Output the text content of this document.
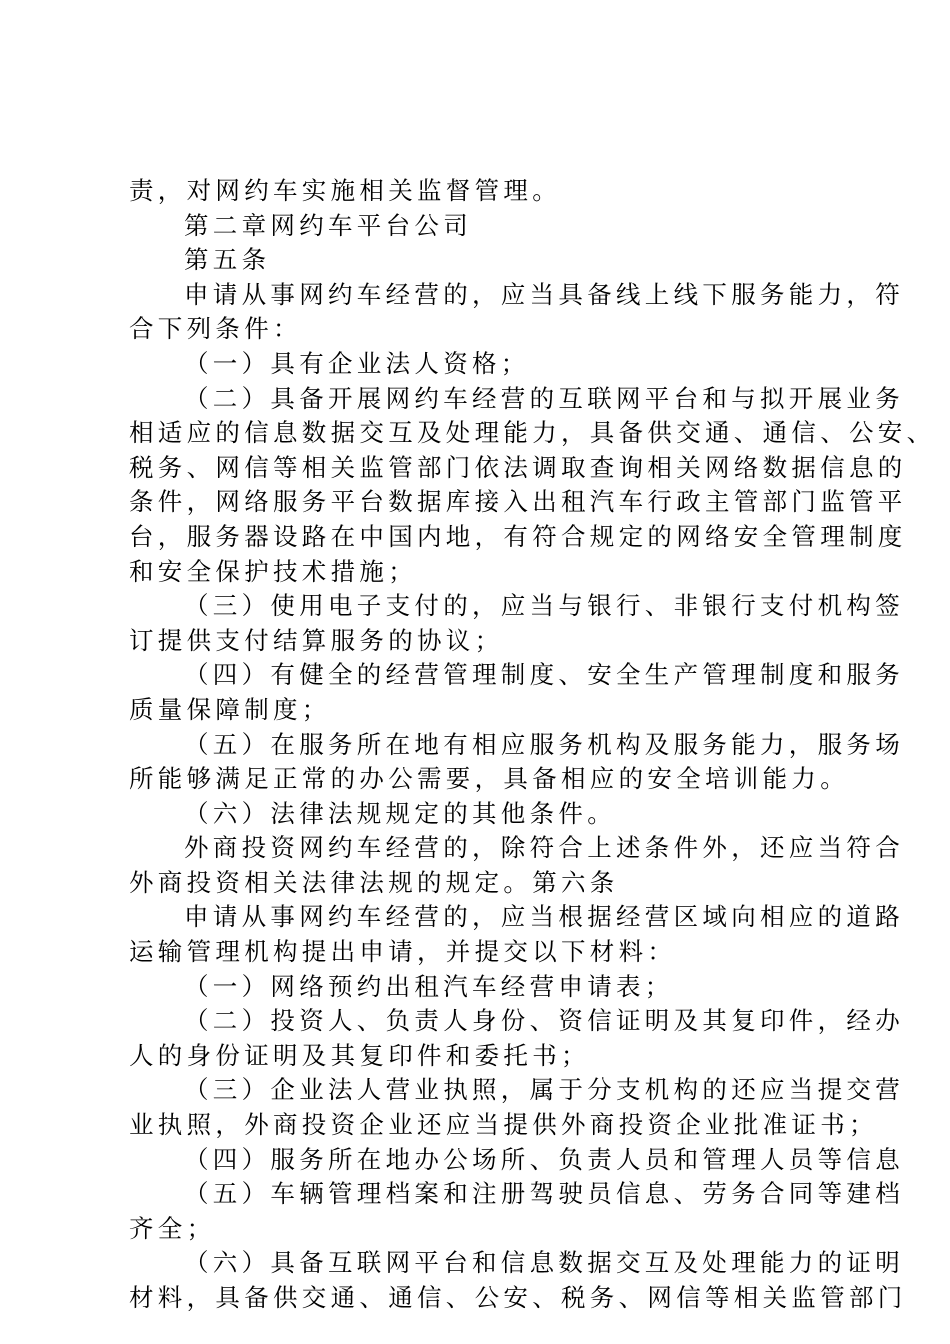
责，对网约车实施相关监督管理。
第二章网约车平台公司
第五条
申请从事网约车经营的，应当具备线上线下服务能力，符
合下列条件：
（一）具有企业法人资格；
（二）具备开展网约车经营的互联网平台和与拟开展业务
相适应的信息数据交互及处理能力，具备供交通、通信、公安、
税务、网信等相关监管部门依法调取查询相关网络数据信息的
条件，网络服务平台数据库接入出租汽车行政主管部门监管平
台，服务器设路在中国内地，有符合规定的网络安全管理制度
和安全保护技术措施；
（三）使用电子支付的，应当与银行、非银行支付机构签
订提供支付结算服务的协议；
（四）有健全的经营管理制度、安全生产管理制度和服务
质量保障制度；
（五）在服务所在地有相应服务机构及服务能力，服务场
所能够满足正常的办公需要，具备相应的安全培训能力。
（六）法律法规规定的其他条件。
外商投资网约车经营的，除符合上述条件外，还应当符合
外商投资相关法律法规的规定。第六条
申请从事网约车经营的，应当根据经营区域向相应的道路
运输管理机构提出申请，并提交以下材料：
（一）网络预约出租汽车经营申请表；
（二）投资人、负责人身份、资信证明及其复印件，经办
人的身份证明及其复印件和委托书；
（三）企业法人营业执照，属于分支机构的还应当提交营
业执照，外商投资企业还应当提供外商投资企业批准证书；
（四）服务所在地办公场所、负责人员和管理人员等信息
（五）车辆管理档案和注册驾驶员信息、劳务合同等建档
齐全；
（六）具备互联网平台和信息数据交互及处理能力的证明
材料，具备供交通、通信、公安、税务、网信等相关监管部门
